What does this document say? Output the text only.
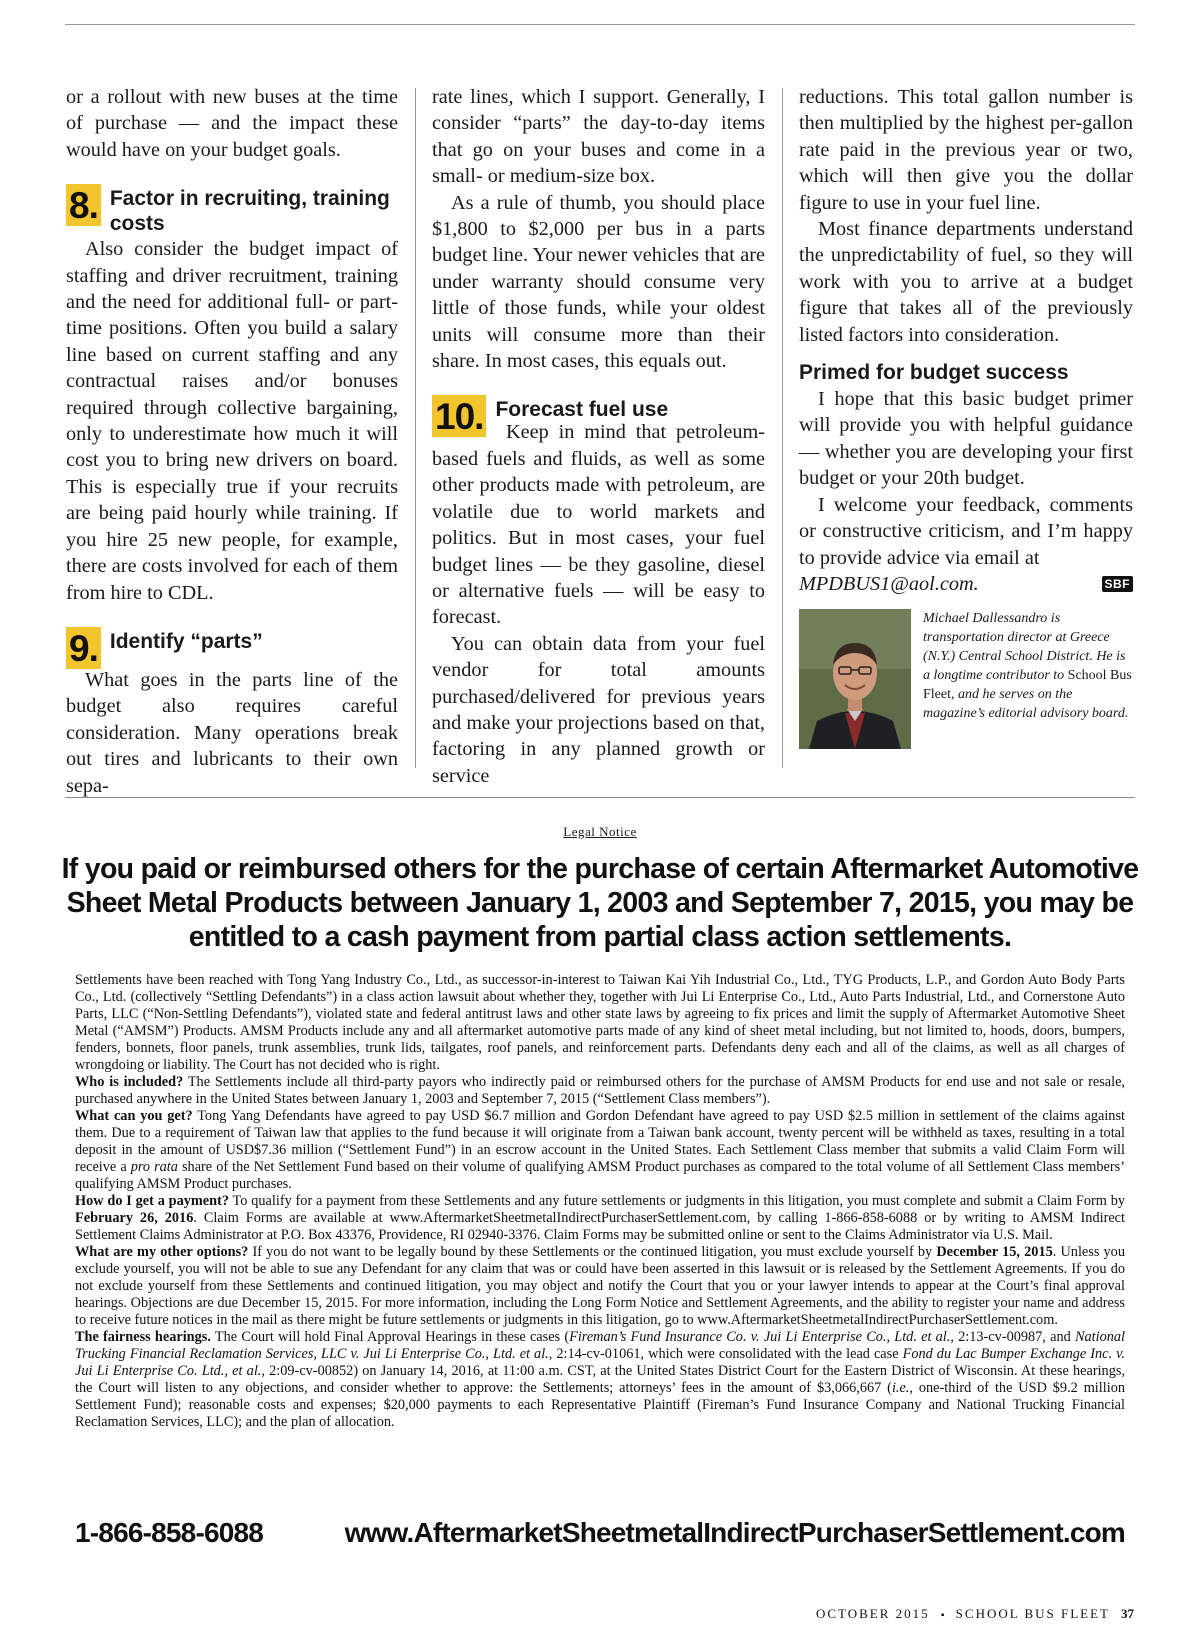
or a rollout with new buses at the time of purchase — and the impact these would have on your budget goals.

8. Factor in recruiting, training costs

Also consider the budget impact of staffing and driver recruitment, training and the need for additional full- or part-time positions. Often you build a salary line based on current staffing and any contractual raises and/or bonuses required through collective bargaining, only to underestimate how much it will cost you to bring new drivers on board. This is especially true if your recruits are being paid hourly while training. If you hire 25 new people, for example, there are costs involved for each of them from hire to CDL.

9. Identify “parts”

What goes in the parts line of the budget also requires careful consideration. Many operations break out tires and lubricants to their own sepa-

rate lines, which I support. Generally, I consider “parts” the day-to-day items that go on your buses and come in a small- or medium-size box.

As a rule of thumb, you should place $1,800 to $2,000 per bus in a parts budget line. Your newer vehicles that are under warranty should consume very little of those funds, while your oldest units will consume more than their share. In most cases, this equals out.

10. Forecast fuel use

Keep in mind that petroleum-based fuels and fluids, as well as some other products made with petroleum, are volatile due to world markets and politics. But in most cases, your fuel budget lines — be they gasoline, diesel or alternative fuels — will be easy to forecast.

You can obtain data from your fuel vendor for total amounts purchased/delivered for previous years and make your projections based on that, factoring in any planned growth or service

reductions. This total gallon number is then multiplied by the highest per-gallon rate paid in the previous year or two, which will then give you the dollar figure to use in your fuel line.

Most finance departments understand the unpredictability of fuel, so they will work with you to arrive at a budget figure that takes all of the previously listed factors into consideration.

Primed for budget success

I hope that this basic budget primer will provide you with helpful guidance — whether you are developing your first budget or your 20th budget.

I welcome your feedback, comments or constructive criticism, and I’m happy to provide advice via email at

MPDBUS1@aol.com.	SBF
Michael Dallessandro is transportation director at Greece (N.Y.) Central School District. He is a longtime contributor to School Bus Fleet, and he serves on the magazine’s editorial advisory board.
Legal Notice
If you paid or reimbursed others for the purchase of certain Aftermarket Automotive Sheet Metal Products between January 1, 2003 and September 7, 2015, you may be entitled to a cash payment from partial class action settlements.

Settlements have been reached with Tong Yang Industry Co., Ltd., as successor-in-interest to Taiwan Kai Yih Industrial Co., Ltd., TYG Products, L.P., and Gordon Auto Body Parts Co., Ltd. (collectively “Settling Defendants”) in a class action lawsuit about whether they, together with Jui Li Enterprise Co., Ltd., Auto Parts Industrial, Ltd., and Cornerstone Auto Parts, LLC (“Non-Settling Defendants”), violated state and federal antitrust laws and other state laws by agreeing to fix prices and limit the supply of Aftermarket Automotive Sheet Metal (“AMSM”) Products. AMSM Products include any and all aftermarket automotive parts made of any kind of sheet metal including, but not limited to, hoods, doors, bumpers, fenders, bonnets, floor panels, trunk assemblies, trunk lids, tailgates, roof panels, and reinforcement parts. Defendants deny each and all of the claims, as well as all charges of wrongdoing or liability. The Court has not decided who is right.

Who is included? The Settlements include all third-party payors who indirectly paid or reimbursed others for the purchase of AMSM Products for end use and not sale or resale, purchased anywhere in the United States between January 1, 2003 and September 7, 2015 (“Settlement Class members”).

What can you get? Tong Yang Defendants have agreed to pay USD $6.7 million and Gordon Defendant have agreed to pay USD $2.5 million in settlement of the claims against them. Due to a requirement of Taiwan law that applies to the fund because it will originate from a Taiwan bank account, twenty percent will be withheld as taxes, resulting in a total deposit in the amount of USD$7.36 million (“Settlement Fund”) in an escrow account in the United States. Each Settlement Class member that submits a valid Claim Form will receive a pro rata share of the Net Settlement Fund based on their volume of qualifying AMSM Product purchases as compared to the total volume of all Settlement Class members’ qualifying AMSM Product purchases.

How do I get a payment? To qualify for a payment from these Settlements and any future settlements or judgments in this litigation, you must complete and submit a Claim Form by February 26, 2016. Claim Forms are available at www.AftermarketSheetmetalIndirectPurchaserSettlement.com, by calling 1-866-858-6088 or by writing to AMSM Indirect Settlement Claims Administrator at P.O. Box 43376, Providence, RI 02940-3376. Claim Forms may be submitted online or sent to the Claims Administrator via U.S. Mail.

What are my other options? If you do not want to be legally bound by these Settlements or the continued litigation, you must exclude yourself by December 15, 2015. Unless you exclude yourself, you will not be able to sue any Defendant for any claim that was or could have been asserted in this lawsuit or is released by the Settlement Agreements. If you do not exclude yourself from these Settlements and continued litigation, you may object and notify the Court that you or your lawyer intends to appear at the Court’s final approval hearings. Objections are due December 15, 2015. For more information, including the Long Form Notice and Settlement Agreements, and the ability to register your name and address to receive future notices in the mail as there might be future settlements or judgments in this litigation, go to www.AftermarketSheetmetalIndirectPurchaserSettlement.com.

The fairness hearings. The Court will hold Final Approval Hearings in these cases (Fireman’s Fund Insurance Co. v. Jui Li Enterprise Co., Ltd. et al., 2:13-cv-00987, and National Trucking Financial Reclamation Services, LLC v. Jui Li Enterprise Co., Ltd. et al., 2:14-cv-01061, which were consolidated with the lead case Fond du Lac Bumper Exchange Inc. v. Jui Li Enterprise Co. Ltd., et al., 2:09-cv-00852) on January 14, 2016, at 11:00 a.m. CST, at the United States District Court for the Eastern District of Wisconsin. At these hearings, the Court will listen to any objections, and consider whether to approve: the Settlements; attorneys’ fees in the amount of $3,066,667 (i.e., one-third of the USD $9.2 million Settlement Fund); reasonable costs and expenses; $20,000 payments to each Representative Plaintiff (Fireman’s Fund Insurance Company and National Trucking Financial Reclamation Services, LLC); and the plan of allocation.

1-866-858-6088	www.AftermarketSheetmetalIndirectPurchaserSettlement.com
OCTOBER 2015 ▪ SCHOOL BUS FLEET 37
